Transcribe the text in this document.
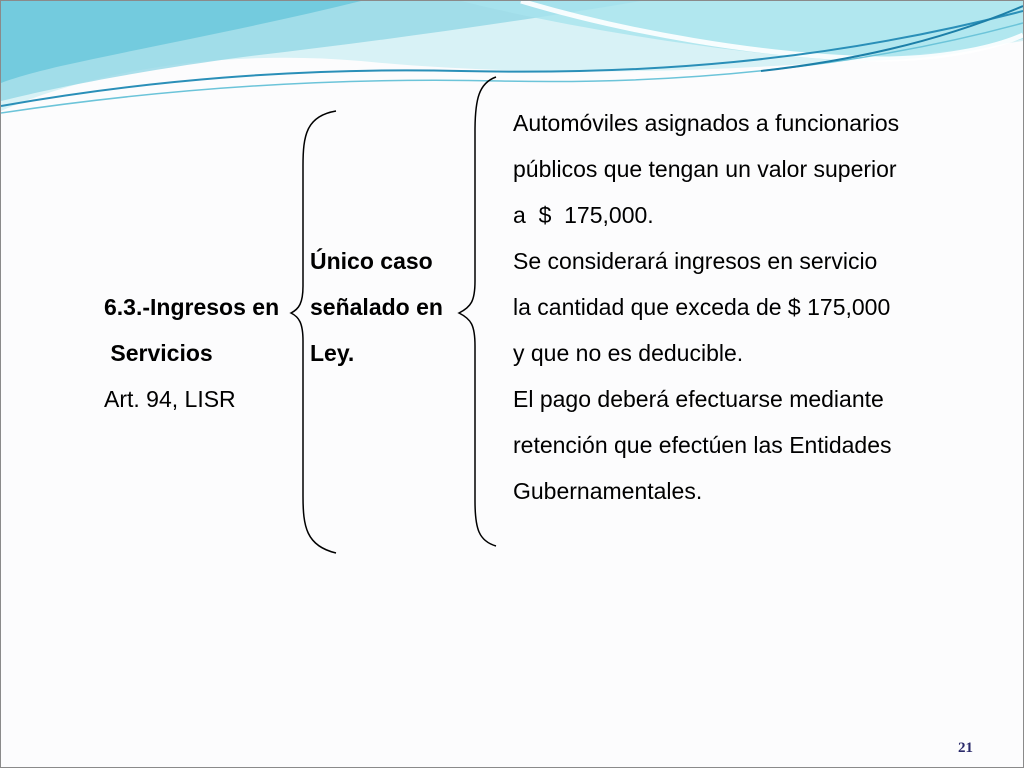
6.3.-Ingresos en
Servicios
Art. 94, LISR
Único caso
señalado en
Ley.
Automóviles asignados a funcionarios
públicos que tengan un valor superior
a  $  175,000.
Se considerará ingresos en servicio
la cantidad que exceda de $ 175,000
y que no es deducible.
El pago deberá efectuarse mediante
retención que efectúen las Entidades
Gubernamentales.
21
